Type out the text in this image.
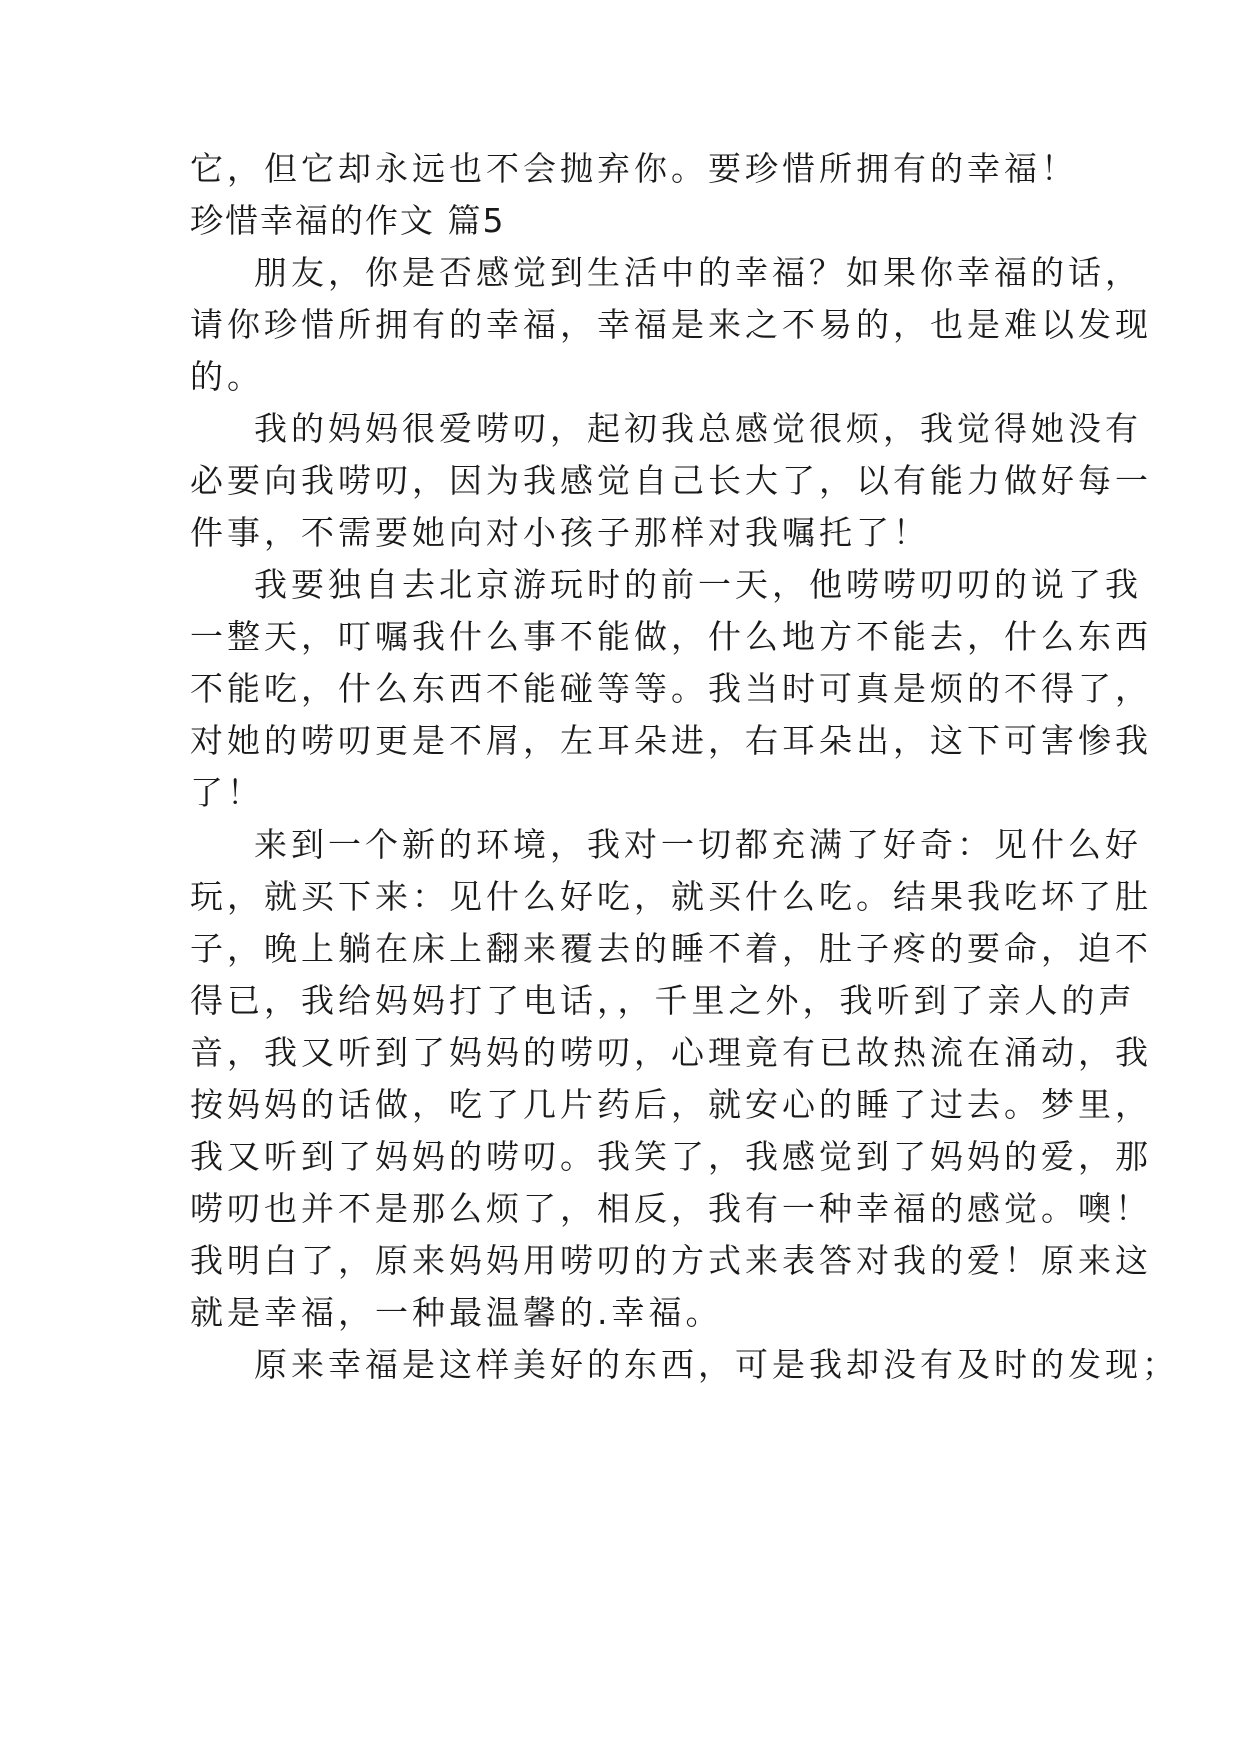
它，但它却永远也不会抛弃你。要珍惜所拥有的幸福！

珍惜幸福的作文 篇5

朋友，你是否感觉到生活中的幸福？如果你幸福的话，

请你珍惜所拥有的幸福，幸福是来之不易的，也是难以发现

的。

我的妈妈很爱唠叨，起初我总感觉很烦，我觉得她没有

必要向我唠叨，因为我感觉自己长大了，以有能力做好每一

件事，不需要她向对小孩子那样对我嘱托了！

我要独自去北京游玩时的前一天，他唠唠叨叨的说了我

一整天，叮嘱我什么事不能做，什么地方不能去，什么东西

不能吃，什么东西不能碰等等。我当时可真是烦的不得了，

对她的唠叨更是不屑，左耳朵进，右耳朵出，这下可害惨我

了！

来到一个新的环境，我对一切都充满了好奇：见什么好

玩，就买下来：见什么好吃，就买什么吃。结果我吃坏了肚

子，晚上躺在床上翻来覆去的睡不着，肚子疼的要命，迫不

得已，我给妈妈打了电话，，千里之外，我听到了亲人的声

音，我又听到了妈妈的唠叨，心理竟有已故热流在涌动，我

按妈妈的话做，吃了几片药后，就安心的睡了过去。梦里，

我又听到了妈妈的唠叨。我笑了，我感觉到了妈妈的爱，那

唠叨也并不是那么烦了，相反，我有一种幸福的感觉。噢！

我明白了，原来妈妈用唠叨的方式来表答对我的爱！原来这

就是幸福，一种最温馨的.幸福。

原来幸福是这样美好的东西，可是我却没有及时的发现；
